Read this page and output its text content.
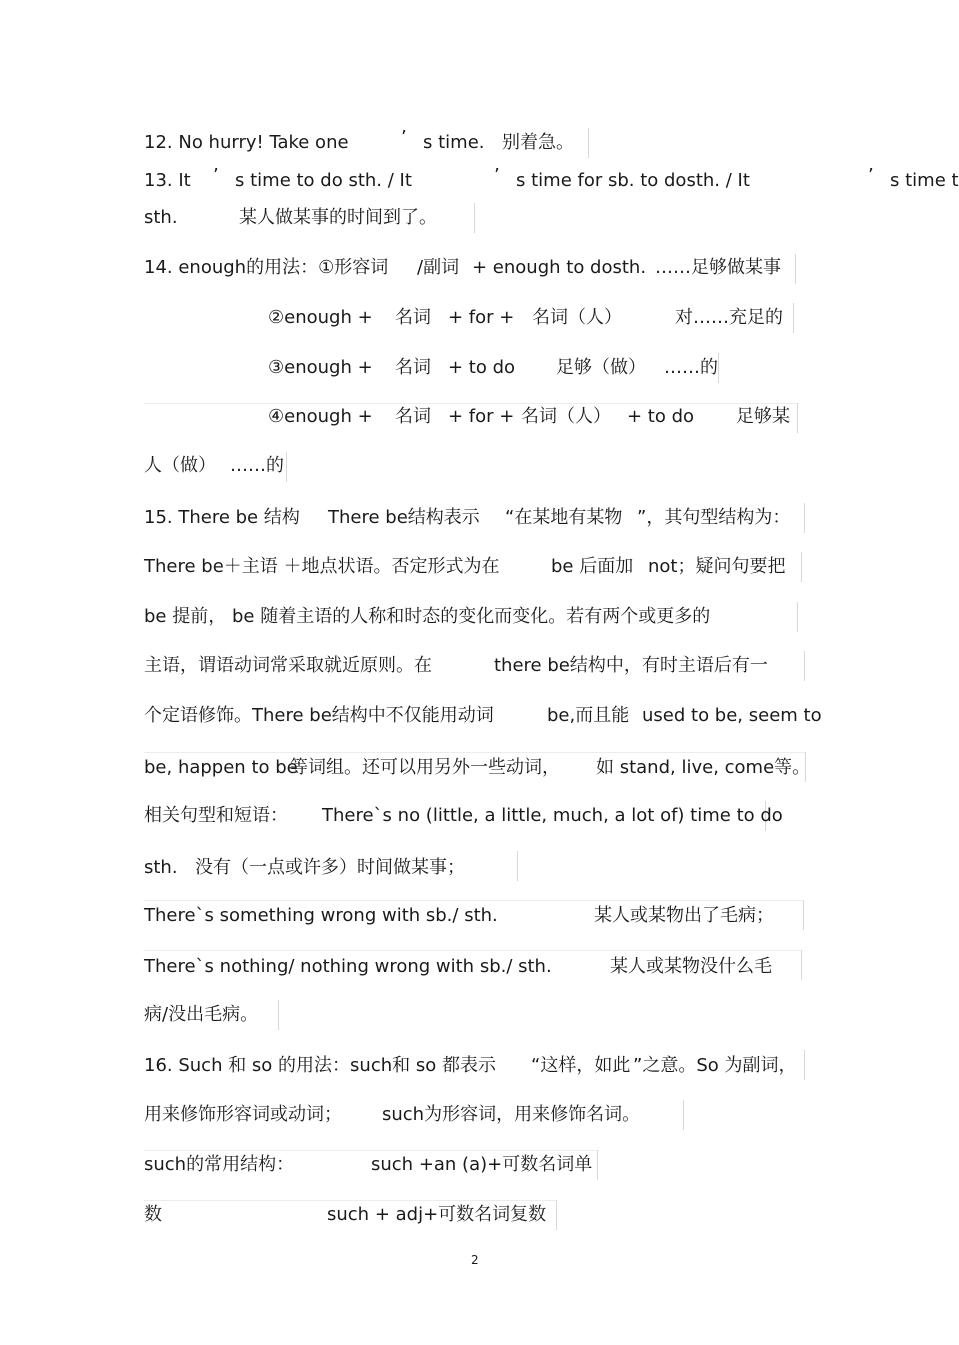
12. No hurry! Take one	’ s time. 别着急。
13. It ’ s time to do sth. / It	’ s time for sb. to dosth. / It	’ s time t
sth.	某人做某事的时间到了。
14. enough的用法：①形容词 /副词 + enough to dosth. ……足够做某事
②enough + 名词 + for + 名词（人）	对……充足的
③enough + 名词 + to do 足够（做） ……的
④enough + 名词 + for + 名词（人） + to do 足够某
人（做） ……的
15. There be 结构 There be结构表示 “在某地有某物 ”，其句型结构为：
There be＋主语 ＋地点状语。否定形式为在	be 后面加 not；疑问句要把
be 提前， be 随着主语的人称和时态的变化而变化。若有两个或更多的
主语，谓语动词常采取就近原则。在	there be结构中，有时主语后有一
个定语修饰。There be结构中不仅能用动词	be,而且能 used to be, seem to
be, happen to be
等词组。还可以用另外一些动词， 如 stand, live, come等。
相关句型和短语： There`s no (little, a little, much, a lot of) time to do
sth. 没有（一点或许多）时间做某事；
There`s something wrong with sb./ sth.	某人或某物出了毛病；
There`s nothing/ nothing wrong with sb./ sth.	某人或某物没什么毛
病/没出毛病。
16. Such 和 so 的用法：such和 so 都表示 “这样，如此 ”之意。So 为副词，
用来修饰形容词或动词； such为形容词，用来修饰名词。
such的常用结构：	such +an (a)+可数名词单
数	such + adj+可数名词复数
2
